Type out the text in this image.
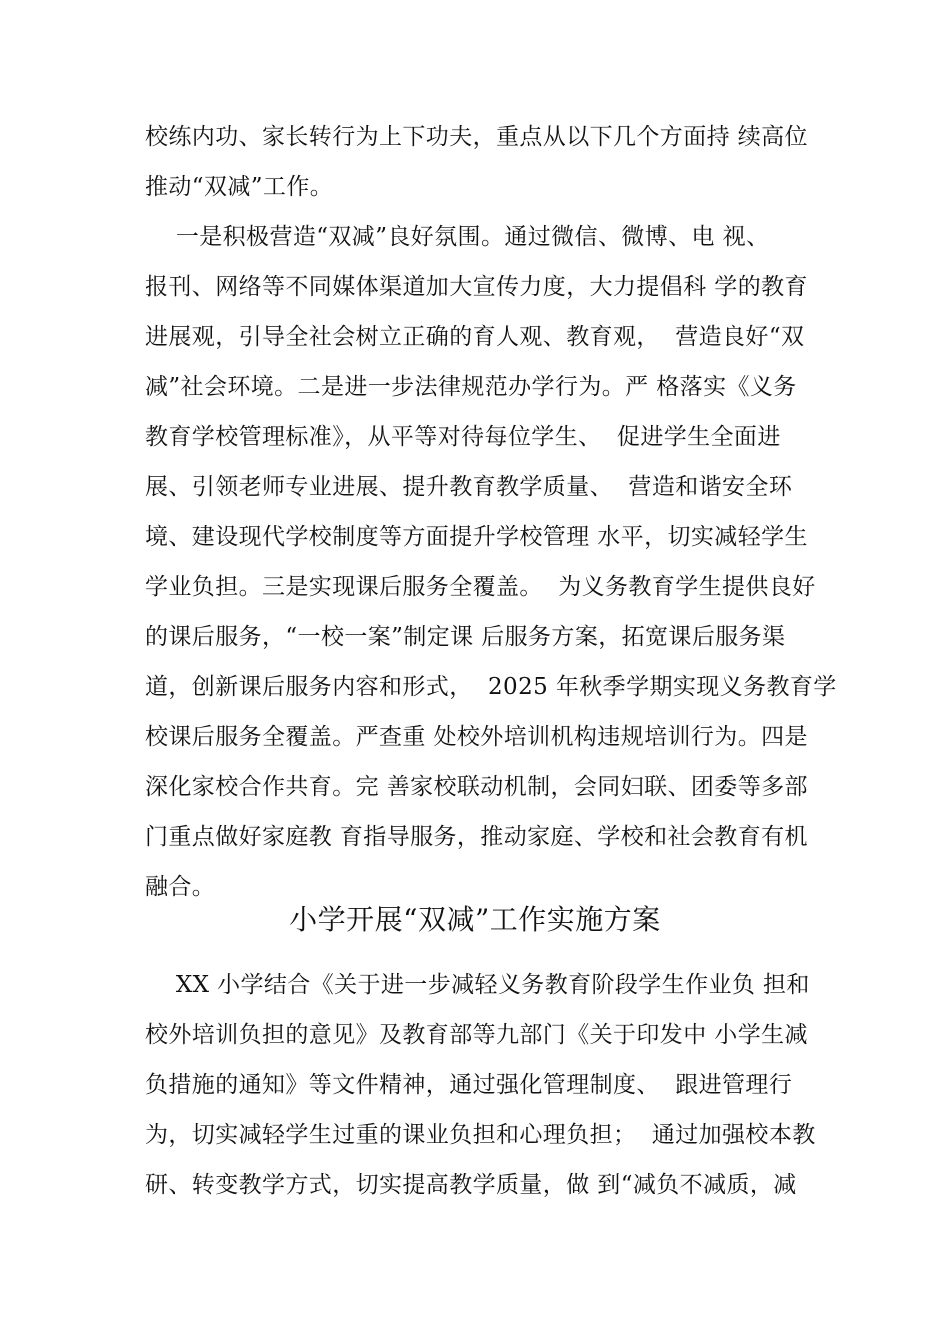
校练内功、家长转行为上下功夫，重点从以下几个方面持 续高位
推动“双减”工作。
一是积极营造“双减”良好氛围。通过微信、微博、电 视、
报刊、网络等不同媒体渠道加大宣传力度，大力提倡科 学的教育
进展观，引导全社会树立正确的育人观、教育观，  营造良好“双
减”社会环境。二是进一步法律规范办学行为。严 格落实《义务
教育学校管理标准》，从平等对待每位学生、  促进学生全面进
展、引领老师专业进展、提升教育教学质量、  营造和谐安全环
境、建设现代学校制度等方面提升学校管理 水平，切实减轻学生
学业负担。三是实现课后服务全覆盖。  为义务教育学生提供良好
的课后服务，“一校一案”制定课 后服务方案，拓宽课后服务渠
道，创新课后服务内容和形式，  2025 年秋季学期实现义务教育学
校课后服务全覆盖。严查重 处校外培训机构违规培训行为。四是
深化家校合作共育。完 善家校联动机制，会同妇联、团委等多部
门重点做好家庭教 育指导服务，推动家庭、学校和社会教育有机
融合。
小学开展“双减”工作实施方案
XX 小学结合《关于进一步减轻义务教育阶段学生作业负 担和
校外培训负担的意见》及教育部等九部门《关于印发中 小学生减
负措施的通知》等文件精神，通过强化管理制度、  跟进管理行
为，切实减轻学生过重的课业负担和心理负担；  通过加强校本教
研、转变教学方式，切实提高教学质量，做 到“减负不减质，减
